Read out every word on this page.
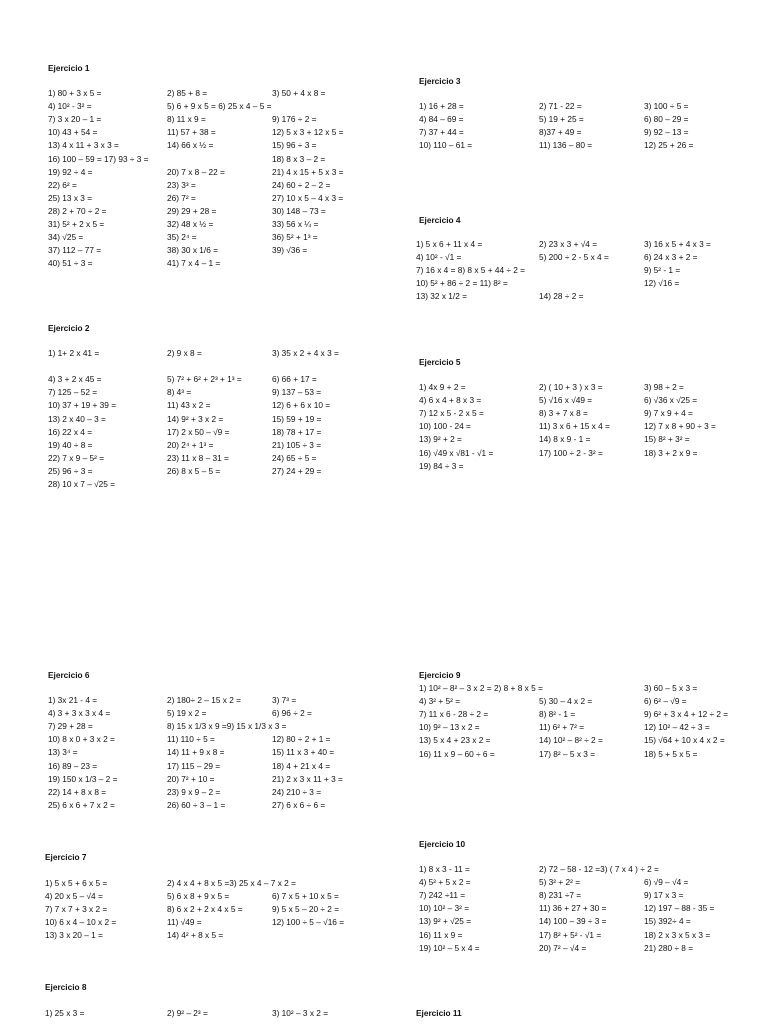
Ejercicio 1
1) 80 + 3 x 5 =	2) 85 + 8 =	3) 50 + 4 x 8 =
4) 10² - 3² =	5) 6 + 9 x 5 = 6) 25 x 4 – 5 =
7) 3 x 20 – 1 =	8) 11 x 9 =	9) 176 ÷ 2 =
10) 43 + 54 =	11) 57 + 38 =	12) 5 x 3 + 12 x 5 =
13) 4 x 11 + 3 x 3 =	14) 66 x ½ =	15) 96 ÷ 3 =
16) 100 – 59 = 17) 93 ÷ 3 =	18) 8 x 3 – 2 =
19) 92 ÷ 4 =	20) 7 x 8 – 22 =	21) 4 x 15 + 5 x 3 =
22) 6² =	23) 3³ =	24) 60 ÷ 2 – 2 =
25) 13 x 3 =	26) 7² =	27) 10 x 5 – 4 x 3 =
28) 2 + 70 ÷ 2 =	29) 29 + 28 =	30) 148 – 73 =
31) 5² + 2 x 5 =	32) 48 x ½ =	33) 56 x ¼ =
34) √25 =	35) 2⁴ =	36) 5² + 1³ =
37) 112 – 77 =	38) 30 x 1/6 =	39) √36 =
40) 51 ÷ 3 =	41) 7 x 4 – 1 =
Ejercicio 2
1) 1+ 2 x 41 =	2) 9 x 8 =	3) 35 x 2 + 4 x 3 =
4) 3 + 2 x 45 =	5) 7² + 6² + 2³ + 1³ =	6) 66 + 17 =
7) 125 – 52 =	8) 4³ =	9) 137 – 53 =
10) 37 + 19 + 39 =	11) 43 x 2 =	12) 6 + 6 x 10 =
13) 2 x 40 – 3 =	14) 9² + 3 x 2 =	15) 59 + 19 =
16) 22 x 4 =	17) 2 x 50 – √9 =	18) 78 + 17 =
19) 40 ÷ 8 =	20) 2⁴ + 1³ =	21) 105 ÷ 3 =
22) 7 x 9 – 5² =	23) 11 x 8 – 31 =	24) 65 ÷ 5 =
25) 96 ÷ 3 =	26) 8 x 5 – 5 =	27) 24 + 29 =
28) 10 x 7 – √25 =
Ejercicio 3
1) 16 + 28 =	2) 71 - 22 =	3) 100 ÷ 5 =
4) 84 – 69 =	5) 19 + 25 =	6) 80 – 29 =
7) 37 + 44 =	8)37 + 49 =	9) 92 – 13 =
10) 110 – 61 =	11) 136 – 80 =	12) 25 + 26 =
Ejercicio 4
1) 5 x 6 + 11 x 4 =	2) 23 x 3 + √4 =	3) 16 x 5 + 4 x 3 =
4) 10² - √1 =	5) 200 ÷ 2 - 5 x 4 =	6) 24 x 3 + 2 =
7) 16 x 4 = 8) 8 x 5 + 44 ÷ 2 =	9) 5² - 1 =
10) 5² + 86 ÷ 2 = 11) 8² =	12) √16 =
13) 32 x 1/2 =	14) 28 ÷ 2 =
Ejercicio 5
1) 4x 9 + 2 =	2) ( 10 + 3 ) x 3 =	3) 98 ÷ 2 =
4) 6 x 4 + 8 x 3 =	5) √16 x √49 =	6) √36 x √25 =
7) 12 x 5 - 2 x 5 =	8) 3 + 7 x 8 =	9) 7 x 9 + 4 =
10) 100 - 24 =	11) 3 x 6 + 15 x 4 =	12) 7 x 8 + 90 ÷ 3 =
13) 9² + 2 =	14) 8 x 9 - 1 =	15) 8² + 3² =
16) √49 x √81 - √1 =	17) 100 ÷ 2 - 3² =	18) 3 + 2 x 9 =
19) 84 ÷ 3 =
Ejercicio 6
1) 3x 21 - 4 =	2) 180÷ 2 – 15 x 2 =	3) 7³ =
4) 3 + 3 x 3 x 4 =	5) 19 x 2 =	6) 96 ÷ 2 =
7) 29 + 28 =	8) 15 x 1/3 x 9 =9) 15 x 1/3 x 3 =
10) 8 x 0 + 3 x 2 =	11) 110 ÷ 5 =	12) 80 ÷ 2 + 1 =
13) 3⁴ =	14) 11 + 9 x 8 =	15) 11 x 3 + 40 =
16) 89 – 23 =	17) 115 – 29 =	18) 4 + 21 x 4 =
19) 150 x 1/3 – 2 =	20) 7² + 10 =	21) 2 x 3 x 11 + 3 =
22) 14 + 8 x 8 =	23) 9 x 9 – 2 =	24) 210 ÷ 3 =
25) 6 x 6 + 7 x 2 =	26) 60 ÷ 3 – 1 =	27) 6 x 6 ÷ 6 =
Ejercicio 7
1) 5 x 5 + 6 x 5 =	2) 4 x 4 + 8 x 5 =3) 25 x 4 – 7 x 2 =
4) 20 x 5 – √4 =	5) 6 x 8 + 9 x 5 =	6) 7 x 5 + 10 x 5 =
7) 7 x 7 + 3 x 2 =	8) 6 x 2 + 2 x 4 x 5 =	9) 5 x 5 – 20 ÷ 2 =
10) 6 x 4 – 10 x 2 =	11) √49 =	12) 100 ÷ 5 – √16 =
13) 3 x 20 – 1 =	14) 4² + 8 x 5 =
Ejercicio 8
1) 25 x 3 =	2) 9² – 2³ =	3) 10² – 3 x 2 =
Ejercicio 9
1) 10² – 8² – 3 x 2 = 2) 8 + 8 x 5 =	3) 60 – 5 x 3 =
4) 3² + 5² =	5) 30 – 4 x 2 =	6) 6² – √9 =
7) 11 x 6 - 28 ÷ 2 =	8) 8² - 1 =	9) 6² + 3 x 4 + 12 ÷ 2 =
10) 9² – 13 x 2 =	11) 6² + 7² =	12) 10² – 42 ÷ 3 =
13) 5 x 4 + 23 x 2 =	14) 10² – 8² ÷ 2 =	15) √64 + 10 x 4 x 2 =
16) 11 x 9 – 60 ÷ 6 =	17) 8² – 5 x 3 =	18) 5 + 5 x 5 =
Ejercicio 10
1) 8 x 3 - 11 =	2) 72 – 58 - 12 =3) ( 7 x 4 ) ÷ 2 =
4) 5² + 5 x 2 =	5) 3² + 2² =	6) √9 – √4 =
7) 242 ÷11 =	8) 231 ÷7 =	9) 17 x 3 =
10) 10² – 3² =	11) 36 + 27 + 30 =	12) 197 – 88 - 35 =
13) 9² + √25 =	14) 100 – 39 ÷ 3 =	15) 392÷ 4 =
16) 11 x 9 =	17) 8² + 5² - √1 =	18) 2 x 3 x 5 x 3 =
19) 10² – 5 x 4 =	20) 7² – √4 =	21) 280 ÷ 8 =
Ejercicio 11
